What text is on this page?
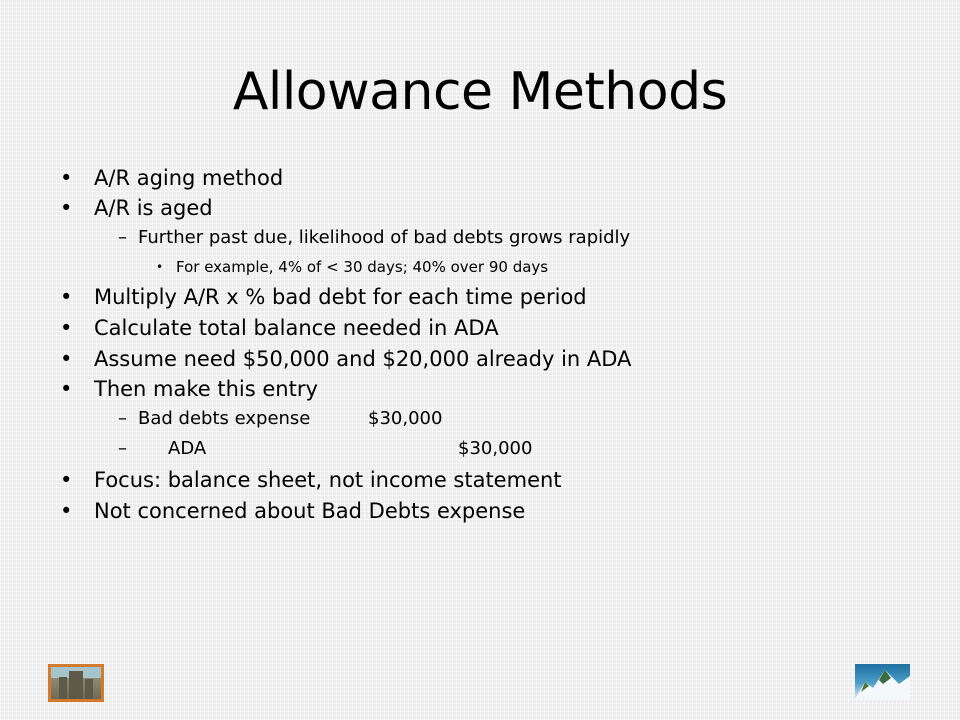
Allowance Methods
• A/R aging method
• A/R is aged
– Further past due, likelihood of bad debts grows rapidly
• For example, 4% of < 30 days; 40% over 90 days
• Multiply A/R x % bad debt for each time period
• Calculate total balance needed in ADA
• Assume need $50,000 and $20,000 already in ADA
• Then make this entry
– Bad debts expense	$30,000
– ADA	$30,000
• Focus: balance sheet, not income statement
• Not concerned about Bad Debts expense
